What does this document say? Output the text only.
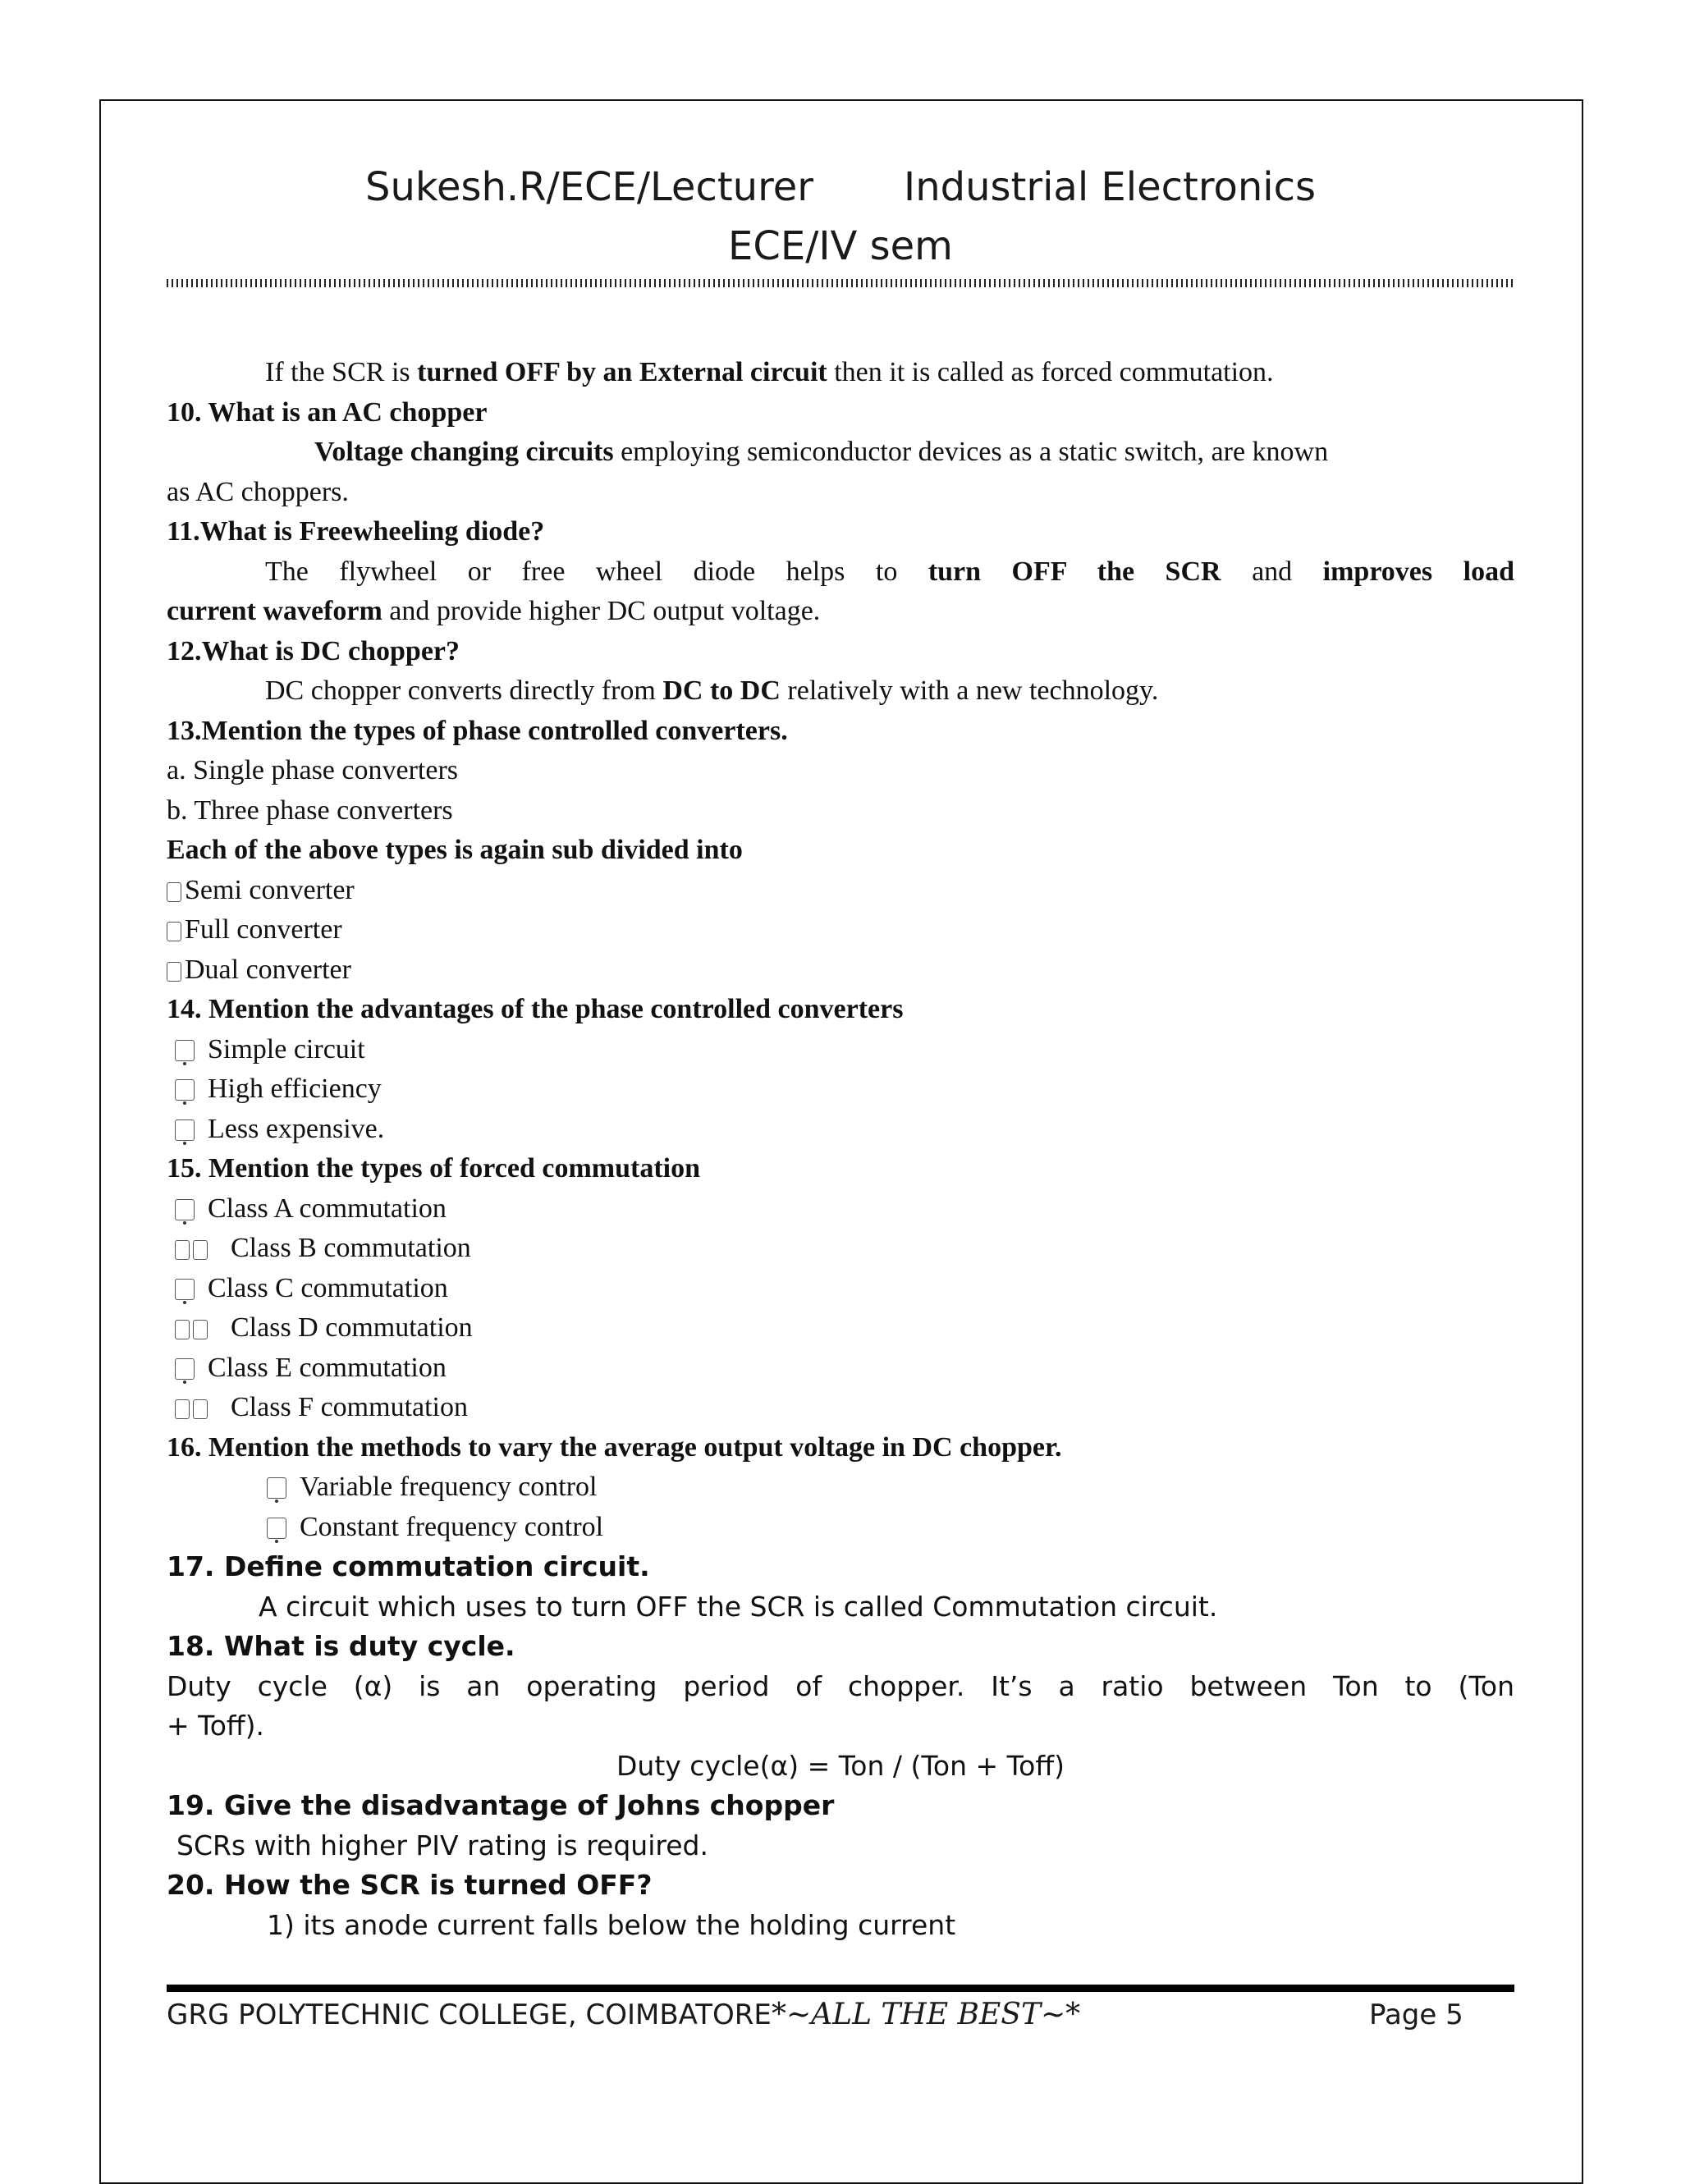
Sukesh.R/ECE/Lecturer Industrial Electronics
ECE/IV sem
If the SCR is turned OFF by an External circuit then it is called as forced commutation.
10. What is an AC chopper
Voltage changing circuits employing semiconductor devices as a static switch, are known
as AC choppers.
11.What is Freewheeling diode?
The flywheel or free wheel diode helps to turn OFF the SCR and improves load
current waveform and provide higher DC output voltage.
12.What is DC chopper?
DC chopper converts directly from DC to DC relatively with a new technology.
13.Mention the types of phase controlled converters.
a. Single phase converters
b. Three phase converters
Each of the above types is again sub divided into
Semi converter
Full converter
Dual converter
14. Mention the advantages of the phase controlled converters
Simple circuit
High efficiency
Less expensive.
15. Mention the types of forced commutation
Class A commutation
Class B commutation
Class C commutation
Class D commutation
Class E commutation
Class F commutation
16. Mention the methods to vary the average output voltage in DC chopper.
Variable frequency control
Constant frequency control
17. Define commutation circuit.
A circuit which uses to turn OFF the SCR is called Commutation circuit.
18. What is duty cycle.
Duty cycle (α) is an operating period of chopper. It’s a ratio between Ton to (Ton
+ Toff).
Duty cycle(α) = Ton / (Ton + Toff)
19. Give the disadvantage of Johns chopper
SCRs with higher PIV rating is required.
20. How the SCR is turned OFF?
1) its anode current falls below the holding current
GRG POLYTECHNIC COLLEGE, COIMBATORE *~ALL THE BEST~*	Page 5
